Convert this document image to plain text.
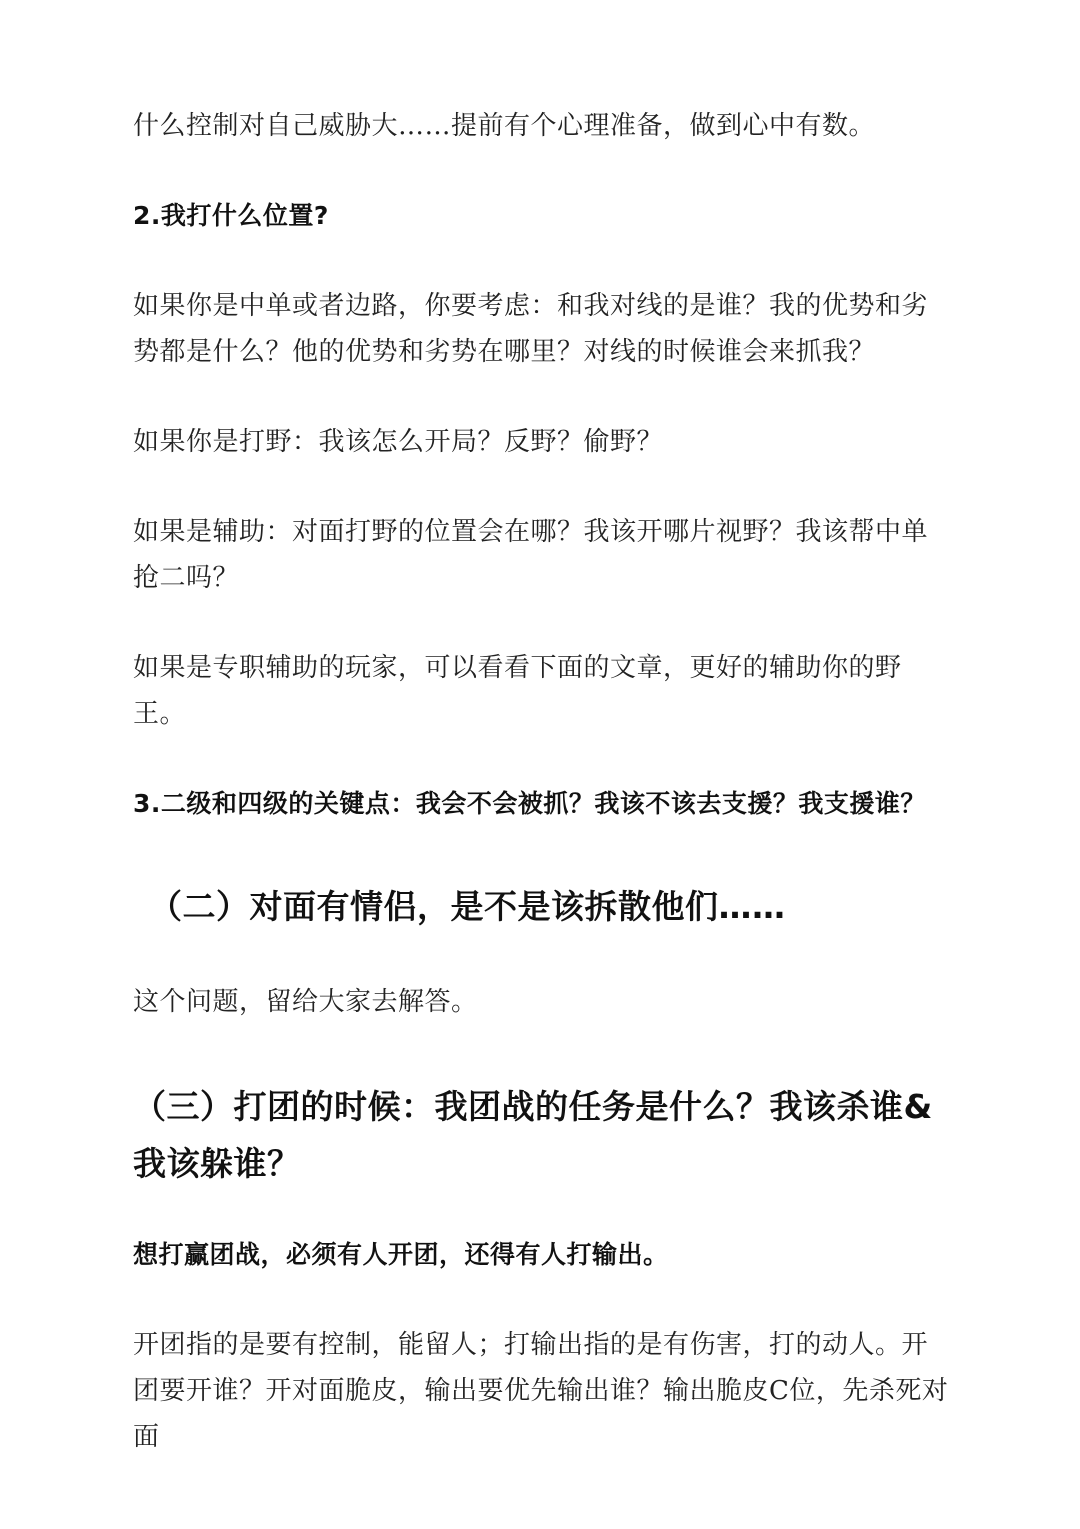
什么控制对自己威胁大……提前有个心理准备，做到心中有数。

2.我打什么位置?

如果你是中单或者边路，你要考虑：和我对线的是谁？我的优势和劣势都是什么？他的优势和劣势在哪里？对线的时候谁会来抓我？

如果你是打野：我该怎么开局？反野？偷野？

如果是辅助：对面打野的位置会在哪？我该开哪片视野？我该帮中单抢二吗？

如果是专职辅助的玩家，可以看看下面的文章，更好的辅助你的野王。

3.二级和四级的关键点：我会不会被抓？我该不该去支援？我支援谁？

（二）对面有情侣，是不是该拆散他们……

这个问题，留给大家去解答。

（三）打团的时候：我团战的任务是什么？我该杀谁&我该躲谁？

想打赢团战，必须有人开团，还得有人打输出。

开团指的是要有控制，能留人；打输出指的是有伤害，打的动人。开团要开谁？开对面脆皮，输出要优先输出谁？输出脆皮C位，先杀死对面
